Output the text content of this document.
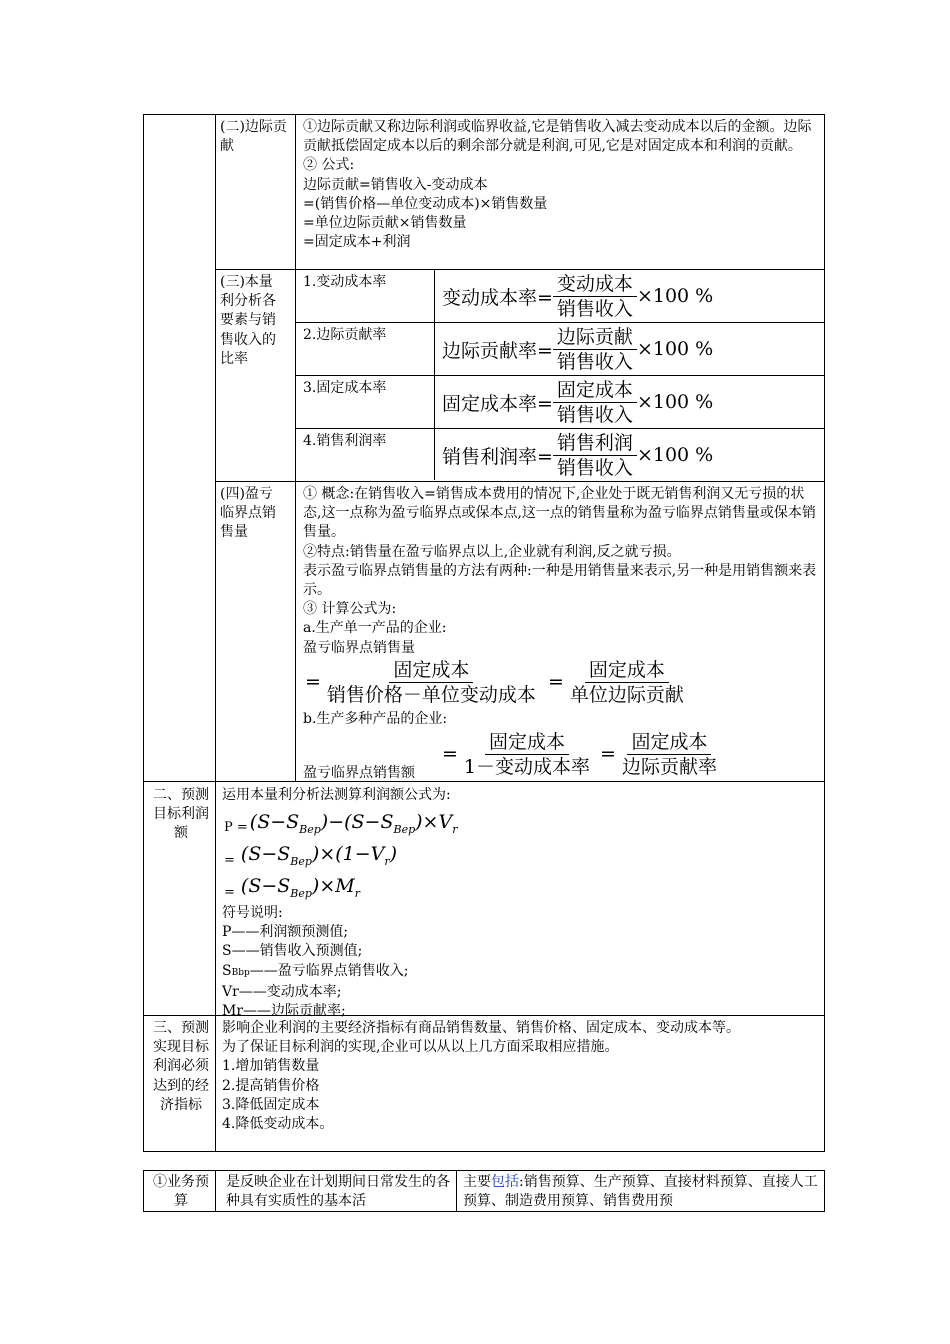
(二)边际贡献
①边际贡献又称边际利润或临界收益,它是销售收入减去变动成本以后的金额。边际贡献抵偿固定成本以后的剩余部分就是利润,可见,它是对固定成本和利润的贡献。
② 公式:
边际贡献=销售收入-变动成本
=(销售价格—单位变动成本)×销售数量
=单位边际贡献×销售数量
=固定成本+利润
(三)本量利分析各要素与销售收入的比率
1.变动成本率
变动成本率= $\frac{\text{变动成本}}{\text{销售收入}} \times 100$ %
2.边际贡献率
边际贡献率= $\frac{\text{边际贡献}}{\text{销售收入}} \times 100$ %
3.固定成本率
固定成本率= $\frac{\text{固定成本}}{\text{销售收入}} \times 100$ %
4.销售利润率
销售利润率= $\frac{\text{销售利润}}{\text{销售收入}} \times 100$ %
(四)盈亏临界点销售量
① 概念:在销售收入=销售成本费用的情况下,企业处于既无销售利润又无亏损的状态,这一点称为盈亏临界点或保本点,这一点的销售量称为盈亏临界点销售量或保本销售量。
②特点:销售量在盈亏临界点以上,企业就有利润,反之就亏损。
表示盈亏临界点销售量的方法有两种:一种是用销售量来表示,另一种是用销售额来表示。
③ 计算公式为:
a.生产单一产品的企业:
盈亏临界点销售量
= $\frac{\text{固定成本}}{\text{销售价格－单位变动成本}} = \frac{\text{固定成本}}{\text{单位边际贡献}}$
b.生产多种产品的企业:
= $\frac{\text{固定成本}}{\text{1－变动成本率}} = \frac{\text{固定成本}}{\text{边际贡献率}}$
盈亏临界点销售额
二、预测目标利润额
运用本量利分析法测算利润额公式为:
$P = (S-S_{Bep})-(S-S_{Bep})\times V_r$
= $(S-S_{Bep})\times(1-V_r)$
= $(S-S_{Bep})\times M_r$
符号说明:
P——利润额预测值;
S——销售收入预测值;
SBbp——盈亏临界点销售收入;
Vr——变动成本率;
Mr——边际贡献率;
三、预测实现目标利润必须达到的经济指标
影响企业利润的主要经济指标有商品销售数量、销售价格、固定成本、变动成本等。
为了保证目标利润的实现,企业可以从以上几方面采取相应措施。
1.增加销售数量
2.提高销售价格
3.降低固定成本
4.降低变动成本。
①业务预算
是反映企业在计划期间日常发生的各种具有实质性的基本活
主要包括:销售预算、生产预算、直接材料预算、直接人工预算、制造费用预算、销售费用预
